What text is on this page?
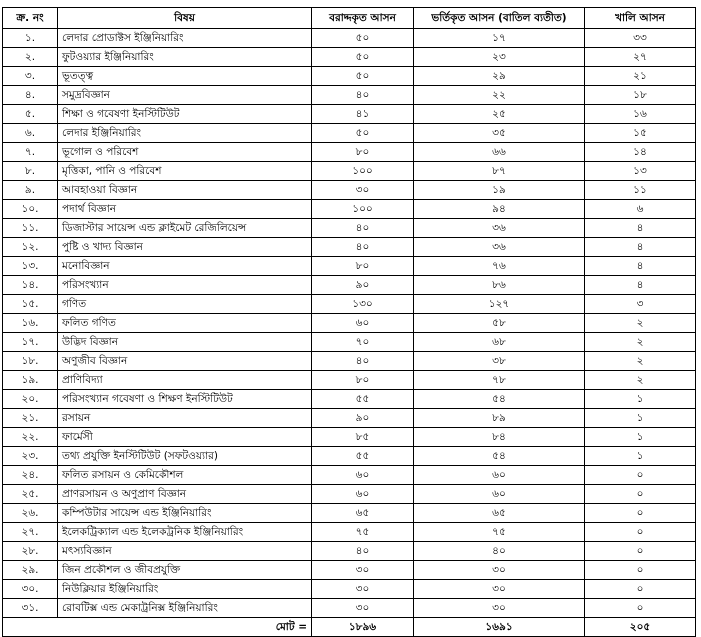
ক্র. নং	বিষয়	বরাদ্দকৃত আসন	ভর্তিকৃত আসন (বাতিল ব্যতীত)	খালি আসন
১.	লেদার প্রোডাক্টস ইঞ্জিনিয়ারিং	৫০	১৭	৩৩
২.	ফুটওয়্যার ইঞ্জিনিয়ারিং	৫০	২৩	২৭
৩.	ভূতত্ত্ব	৫০	২৯	২১
৪.	সমুদ্রবিজ্ঞান	৪০	২২	১৮
৫.	শিক্ষা ও গবেষণা ইনস্টিটিউট	৪১	২৫	১৬
৬.	লেদার ইঞ্জিনিয়ারিং	৫০	৩৫	১৫
৭.	ভূগোল ও পরিবেশ	৮০	৬৬	১৪
৮.	মৃত্তিকা, পানি ও পরিবেশ	১০০	৮৭	১৩
৯.	আবহাওয়া বিজ্ঞান	৩০	১৯	১১
১০.	পদার্থ বিজ্ঞান	১০০	৯৪	৬
১১.	ডিজাস্টার সায়েন্স এন্ড ক্লাইমেট রেজিলিয়েন্স	৪০	৩৬	৪
১২.	পুষ্টি ও খাদ্য বিজ্ঞান	৪০	৩৬	৪
১৩.	মনোবিজ্ঞান	৮০	৭৬	৪
১৪.	পরিসংখ্যান	৯০	৮৬	৪
১৫.	গণিত	১৩০	১২৭	৩
১৬.	ফলিত গণিত	৬০	৫৮	২
১৭.	উদ্ভিদ বিজ্ঞান	৭০	৬৮	২
১৮.	অণুজীব বিজ্ঞান	৪০	৩৮	২
১৯.	প্রাণিবিদ্যা	৮০	৭৮	২
২০.	পরিসংখ্যান গবেষণা ও শিক্ষণ ইনস্টিটিউট	৫৫	৫৪	১
২১.	রসায়ন	৯০	৮৯	১
২২.	ফার্মেসী	৮৫	৮৪	১
২৩.	তথ্য প্রযুক্তি ইনস্টিটিউট (সফটওয়্যার)	৫৫	৫৪	১
২৪.	ফলিত রসায়ন ও কেমিকৌশল	৬০	৬০	০
২৫.	প্রাণরসায়ন ও অণুপ্রাণ বিজ্ঞান	৬০	৬০	০
২৬.	কম্পিউটার সায়েন্স এন্ড ইঞ্জিনিয়ারিং	৬৫	৬৫	০
২৭.	ইলেকট্রিক্যাল এন্ড ইলেকট্রনিক ইঞ্জিনিয়ারিং	৭৫	৭৫	০
২৮.	মৎস্যবিজ্ঞান	৪০	৪০	০
২৯.	জিন প্রকৌশল ও জীবপ্রযুক্তি	৩০	৩০	০
৩০.	নিউক্লিয়ার ইঞ্জিনিয়ারিং	৩০	৩০	০
৩১.	রোবটিক্স এন্ড মেকাট্রনিক্স ইঞ্জিনিয়ারিং	৩০	৩০	০
মোট =		১৮৯৬	১৬৯১	২০৫
